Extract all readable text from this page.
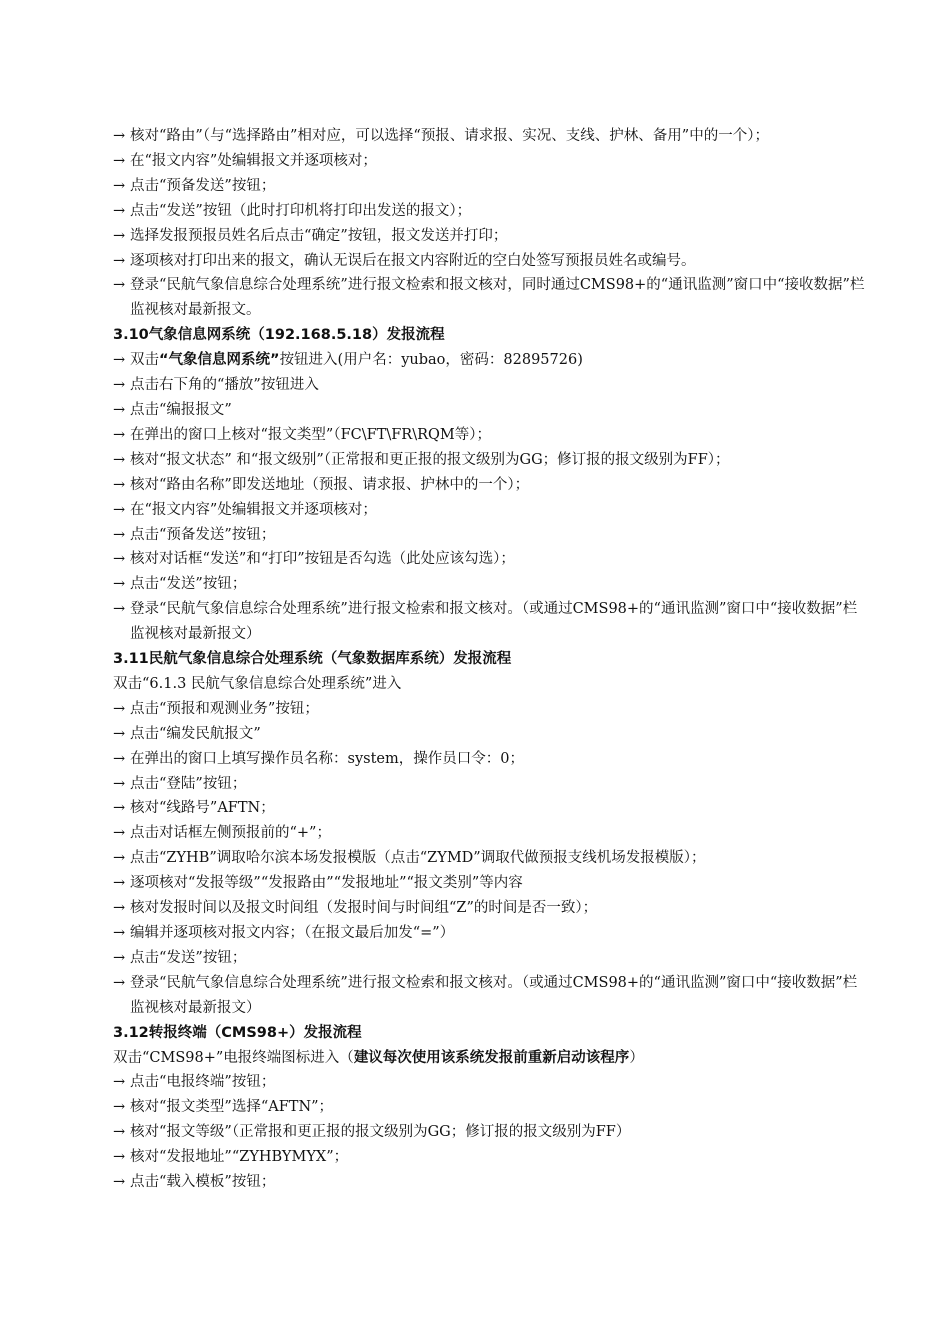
→ 核对“路由”（与“选择路由”相对应，可以选择“预报、请求报、实况、支线、护林、备用”中的一个）；
→ 在“报文内容”处编辑报文并逐项核对；
→ 点击“预备发送”按钮；
→ 点击“发送”按钮（此时打印机将打印出发送的报文）；
→ 选择发报预报员姓名后点击“确定”按钮，报文发送并打印；
→ 逐项核对打印出来的报文，确认无误后在报文内容附近的空白处签写预报员姓名或编号。
→ 登录“民航气象信息综合处理系统”进行报文检索和报文核对，同时通过CMS98+的“通讯监测”窗口中“接收数据”栏监视核对最新报文。
3.10气象信息网系统（192.168.5.18）发报流程
→ 双击“气象信息网系统”按钮进入(用户名：yubao，密码：82895726)
→ 点击右下角的“播放”按钮进入
→ 点击“编报报文”
→ 在弹出的窗口上核对“报文类型”（FC\FT\FR\RQM等）；
→ 核对“报文状态” 和“报文级别”（正常报和更正报的报文级别为GG；修订报的报文级别为FF）；
→ 核对“路由名称”即发送地址（预报、请求报、护林中的一个）；
→ 在“报文内容”处编辑报文并逐项核对；
→ 点击“预备发送”按钮；
→ 核对对话框“发送”和“打印”按钮是否勾选（此处应该勾选）；
→ 点击“发送”按钮；
→ 登录“民航气象信息综合处理系统”进行报文检索和报文核对。（或通过CMS98+的“通讯监测”窗口中“接收数据”栏监视核对最新报文）
3.11民航气象信息综合处理系统（气象数据库系统）发报流程
双击“6.1.3 民航气象信息综合处理系统”进入
→ 点击“预报和观测业务”按钮；
→ 点击“编发民航报文”
→ 在弹出的窗口上填写操作员名称：system，操作员口令：0；
→ 点击“登陆”按钮；
→ 核对“线路号”AFTN；
→ 点击对话框左侧预报前的“+”；
→ 点击“ZYHB”调取哈尔滨本场发报模版（点击“ZYMD”调取代做预报支线机场发报模版）；
→ 逐项核对“发报等级”“发报路由”“发报地址”“报文类别”等内容
→ 核对发报时间以及报文时间组（发报时间与时间组“Z”的时间是否一致）；
→ 编辑并逐项核对报文内容；（在报文最后加发“=”）
→ 点击“发送”按钮；
→ 登录“民航气象信息综合处理系统”进行报文检索和报文核对。（或通过CMS98+的“通讯监测”窗口中“接收数据”栏监视核对最新报文）
3.12转报终端（CMS98+）发报流程
双击“CMS98+”电报终端图标进入（建议每次使用该系统发报前重新启动该程序）
→ 点击“电报终端”按钮；
→ 核对“报文类型”选择“AFTN”；
→ 核对“报文等级”（正常报和更正报的报文级别为GG；修订报的报文级别为FF）
→ 核对“发报地址”“ZYHBYMYX”；
→ 点击“载入模板”按钮；
